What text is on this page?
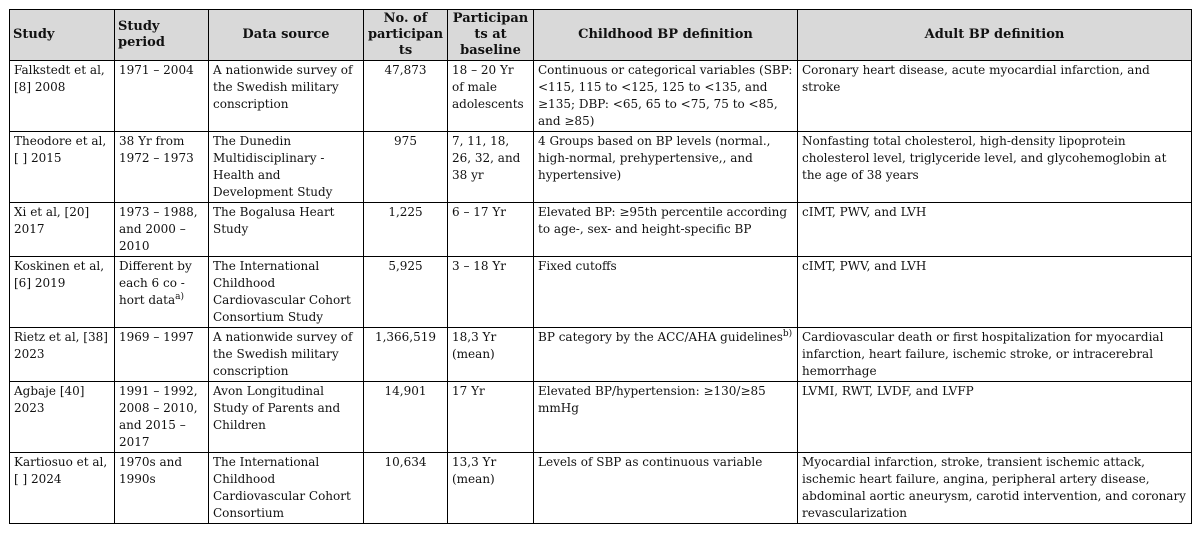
Study	Study period	Data source	No. of participants	Participants at baseline	Childhood BP definition	Adult BP definition
Falkstedt et al, [8] 2008	1971 – 2004	A nationwide survey of the Swedish military conscription	47,873	18 – 20 Yr of male adolescents	Continuous or categorical variables (SBP: <115, 115 to <125, 125 to <135, and ≥135; DBP: <65, 65 to <75, 75 to <85, and ≥85)	Coronary heart disease, acute myocardial infarction, and stroke
Theodore et al, [ ] 2015	38 Yr from 1972 – 1973	The Dunedin Multidisciplinary - Health and Development Study	975	7, 11, 18, 26, 32, and 38 yr	4 Groups based on BP levels (normal., high-normal, prehypertensive,, and hypertensive)	Nonfasting total cholesterol, high-density lipoprotein cholesterol level, triglyceride level, and glycohemoglobin at the age of 38 years
Xi et al, [20] 2017	1973 – 1988, and 2000 – 2010	The Bogalusa Heart Study	1,225	6 – 17 Yr	Elevated BP: ≥95th percentile according to age-, sex- and height-specific BP	cIMT, PWV, and LVH
Koskinen et al, [6] 2019	Different by each 6 co - hort data$^{a)}$	The International Childhood Cardiovascular Cohort Consortium Study	5,925	3 – 18 Yr	Fixed cutoffs	cIMT, PWV, and LVH
Rietz et al, [38] 2023	1969 – 1997	A nationwide survey of the Swedish military conscription	1,366,519	18,3 Yr (mean)	BP category by the ACC/AHA guidelines$^{b)}$	Cardiovascular death or first hospitalization for myocardial infarction, heart failure, ischemic stroke, or intracerebral hemorrhage
Agbaje [40] 2023	1991 – 1992, 2008 – 2010, and 2015 – 2017	Avon Longitudinal Study of Parents and Children	14,901	17 Yr	Elevated BP/hypertension: ≥130/≥85 mmHg	LVMI, RWT, LVDF, and LVFP
Kartiosuo et al, [ ] 2024	1970s and 1990s	The International Childhood Cardiovascular Cohort Consortium	10,634	13,3 Yr (mean)	Levels of SBP as continuous variable	Myocardial infarction, stroke, transient ischemic attack, ischemic heart failure, angina, peripheral artery disease, abdominal aortic aneurysm, carotid intervention, and coronary revascularization
